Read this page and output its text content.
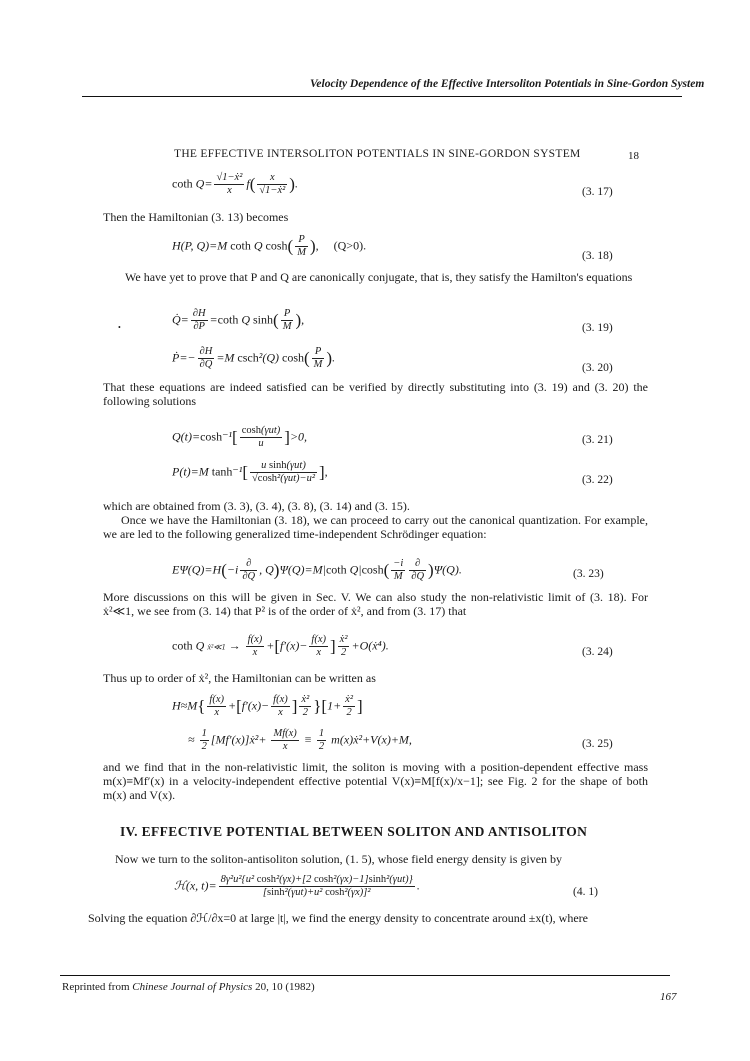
Velocity Dependence of the Effective Intersoliton Potentials in Sine-Gordon System
THE EFFECTIVE INTERSOLITON POTENTIALS IN SINE-GORDON SYSTEM	18
coth $Q= \frac{\text{√1−ẋ²}}{x} f( \frac{x}{\text{√1−ẋ²}}$ ).
(3. 17)
Then the Hamiltonian (3. 13) becomes
H(P, Q)=M coth Q $\cosh( \frac{P}{M}$ ),     (Q>0).
(3. 18)
We have yet to prove that P and Q are canonically conjugate, that is, they satisfy the Hamilton's equations
•
Q̇= $\frac{\partial H}{\partial P} =\cot h$ Q $\sinh( \frac{P}{M}$ ),
(3. 19)
Ṗ=− $\frac{\partial H}{\partial Q} =M$ csch²(Q) $\cosh( \frac{P}{M}$ ).
(3. 20)
That these equations are indeed satisfied can be verified by directly substituting into (3. 19) and (3. 20) the following solutions
$Q(t)=\cosh^{-1}[ \frac{\text{cosh(γut)}}{u} ]>0$,	(3. 21)
P(t)=M $\tanh^{-1}[ \frac{\text{u sinh(γut)}}{\text{√cosh²(γut)−u²}}$ ],
(3. 22)
which are obtained from (3. 3), (3. 4), (3. 8), (3. 14) and (3. 15).
Once we have the Hamiltonian (3. 18), we can proceed to carry out the canonical quantization. For example, we are led to the following generalized time-independent Schrödinger equation:
$E\Psi(Q)=H(-i \frac{\partial}{\partial Q}$ , Q)Ψ(Q)=M|coth $Q|\cosh( \frac{-i}{M} \frac{\partial}{\partial Q} )\Psi(Q)$.	(3. 23)
More discussions on this will be given in Sec. V. We can also study the non-relativistic limit of (3. 18). For ẋ²≪1, we see from (3. 14) that P² is of the order of ẋ², and from (3. 17) that
coth Q ẋ²≪1 → $\frac{f(x)}{x} +[f'(x)- \frac{f(x)}{x}$ ] $\frac{\text{ẋ²}}{2}$ +O(ẋ⁴).	(3. 24)
Thus up to order of ẋ², the Hamiltonian can be written as
$H\approx M\{ \frac{f(x)}{x} +[f'(x)- \frac{f(x)}{x}$ ] $\frac{\text{ẋ²}}{2} \}[1+ \frac{\text{ẋ²}}{2}$ ]
≈ $\frac{1}{2}$ [Mf′(x)]ẋ²+ $\frac{Mf(x)}{x} \equiv \frac{1}{2}$ m(x)ẋ²+V(x)+M,	(3. 25)
and we find that in the non-relativistic limit, the soliton is moving with a position-dependent effective mass m(x)≡Mf′(x) in a velocity-independent effective potential V(x)≡M[f(x)/x−1]; see Fig. 2 for the shape of both m(x) and V(x).
IV. EFFECTIVE POTENTIAL BETWEEN SOLITON AND ANTISOLITON
Now we turn to the soliton-antisoliton solution, (1. 5), whose field energy density is given by
ℋ(x, $t)= \frac{\text{8γ²u²\{u² cosh²(γx)+[2 cosh²(γx)−1]sinh²(γut)\}}}{\text{[sinh²(γut)+u² cosh²(γx)]²}}$ .	(4. 1)
Solving the equation ∂ℋ/∂x=0 at large |t|, we find the energy density to concentrate around ±x(t), where
Reprinted from Chinese Journal of Physics 20, 10 (1982)
167
